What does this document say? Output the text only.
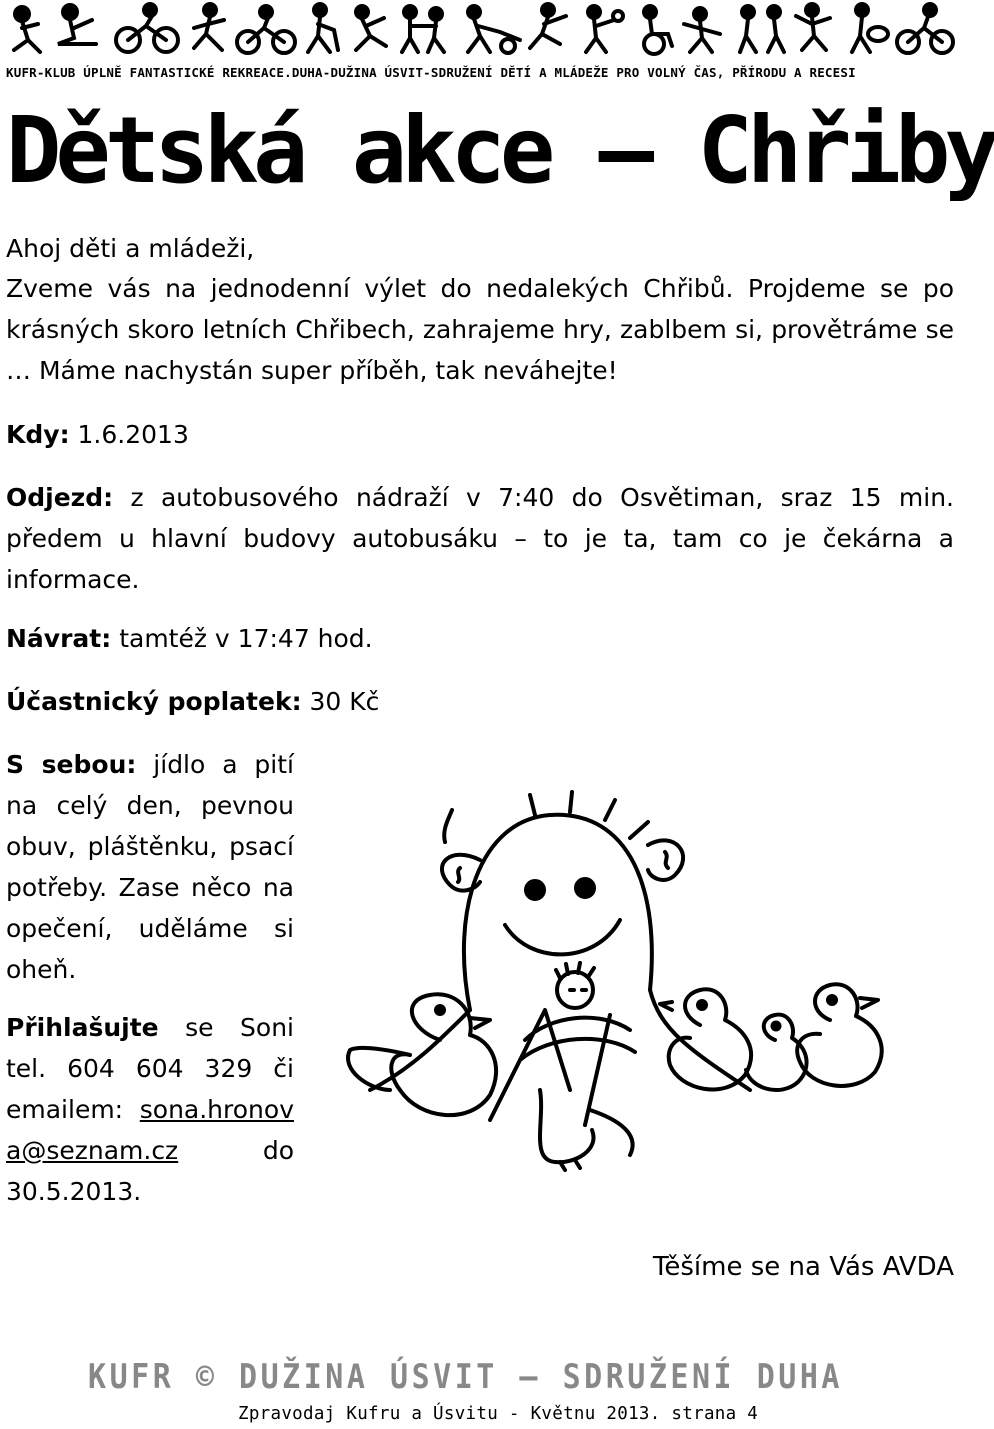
KUFR-KLUB ÚPLNĚ FANTASTICKÉ REKREACE.DUHA-DUŽINA ÚSVIT-SDRUŽENÍ DĚTÍ A MLÁDEŽE PRO VOLNÝ ČAS, PŘÍRODU A RECESI
Dětská akce – Chřiby

Ahoj děti a mládeži,

Zveme vás na jednodenní výlet do nedalekých Chřibů. Projdeme se po krásných skoro letních Chřibech, zahrajeme hry, zablbem si, provětráme se … Máme nachystán super příběh, tak neváhejte!

Kdy: 1.6.2013

Odjezd: z autobusového nádraží v 7:40 do Osvětiman, sraz 15 min. předem u hlavní budovy autobusáku – to je ta, tam co je čekárna a informace.

Návrat: tamtéž v 17:47 hod.

Účastnický poplatek: 30 Kč

S sebou: jídlo a pití na celý den, pevnou obuv, pláštěnku, psací potřeby. Zase něco na opečení, uděláme si oheň.

Přihlašujte se Soni tel. 604 604 329 či emailem: sona.hronova@seznam.cz	do 30.5.2013.

Těšíme se na Vás AVDA

KUFR © DUŽINA ÚSVIT – SDRUŽENÍ DUHA

Zpravodaj Kufru a Úsvitu - Květnu 2013. strana 4
